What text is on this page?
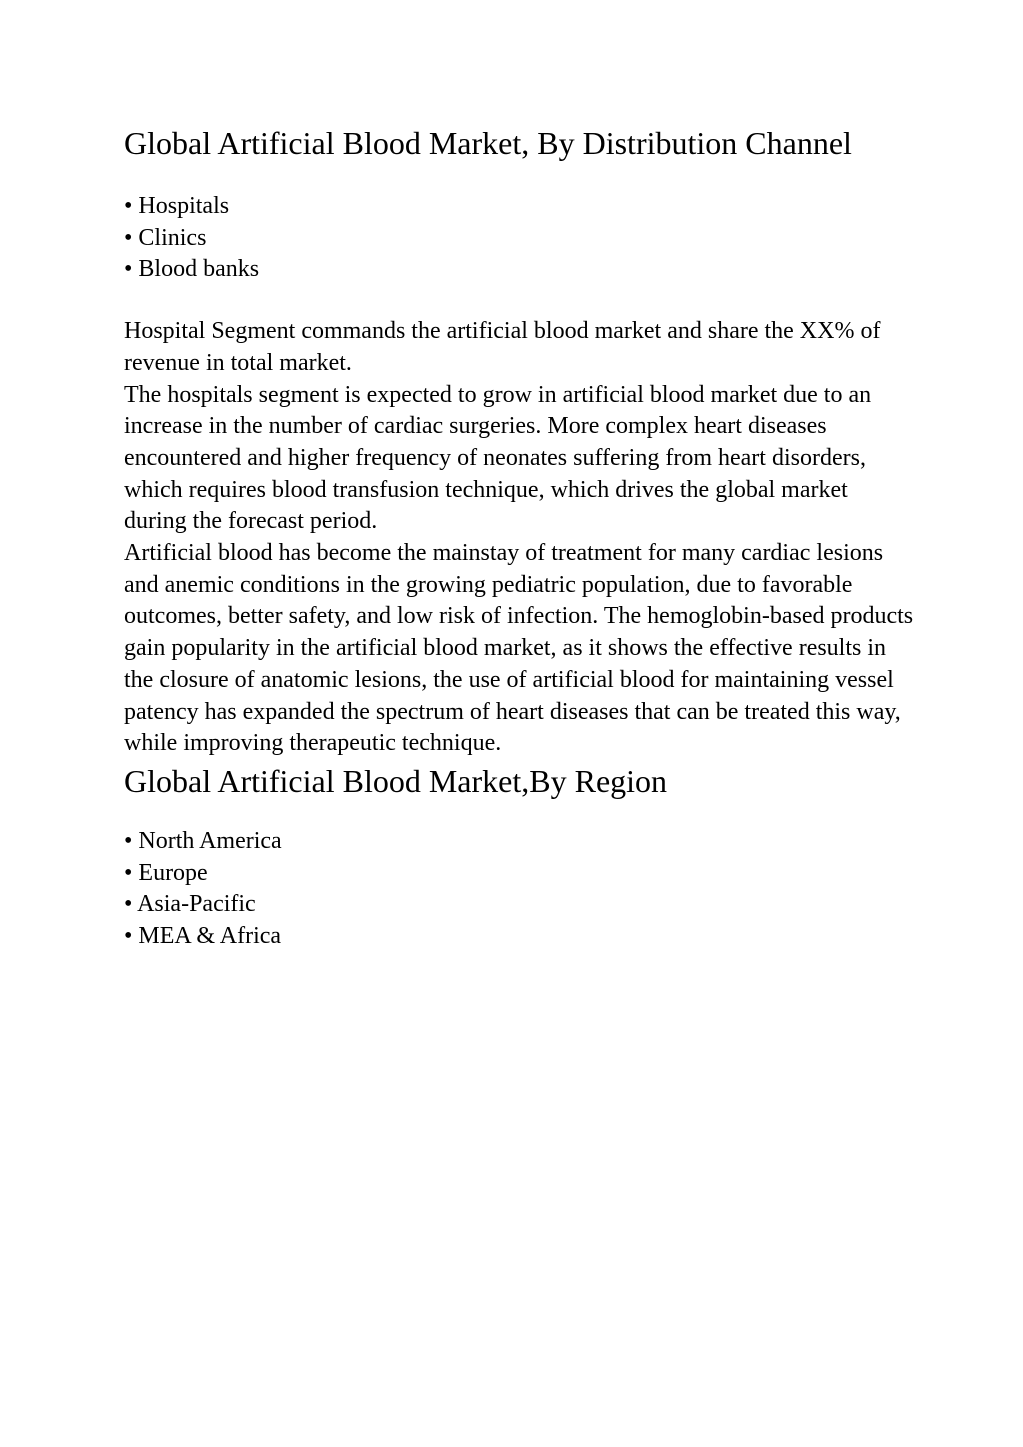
Global Artificial Blood Market, By Distribution Channel
• Hospitals
• Clinics
• Blood banks

Hospital Segment commands the artificial blood market and share the XX% of revenue in total market.

The hospitals segment is expected to grow in artificial blood market due to an increase in the number of cardiac surgeries. More complex heart diseases encountered and higher frequency of neonates suffering from heart disorders, which requires blood transfusion technique, which drives the global market during the forecast period.

Artificial blood has become the mainstay of treatment for many cardiac lesions and anemic conditions in the growing pediatric population, due to favorable outcomes, better safety, and low risk of infection. The hemoglobin-based products gain popularity in the artificial blood market, as it shows the effective results in the closure of anatomic lesions, the use of artificial blood for maintaining vessel patency has expanded the spectrum of heart diseases that can be treated this way, while improving therapeutic technique.

Global Artificial Blood Market,By Region
• North America
• Europe
• Asia-Pacific
• MEA & Africa
